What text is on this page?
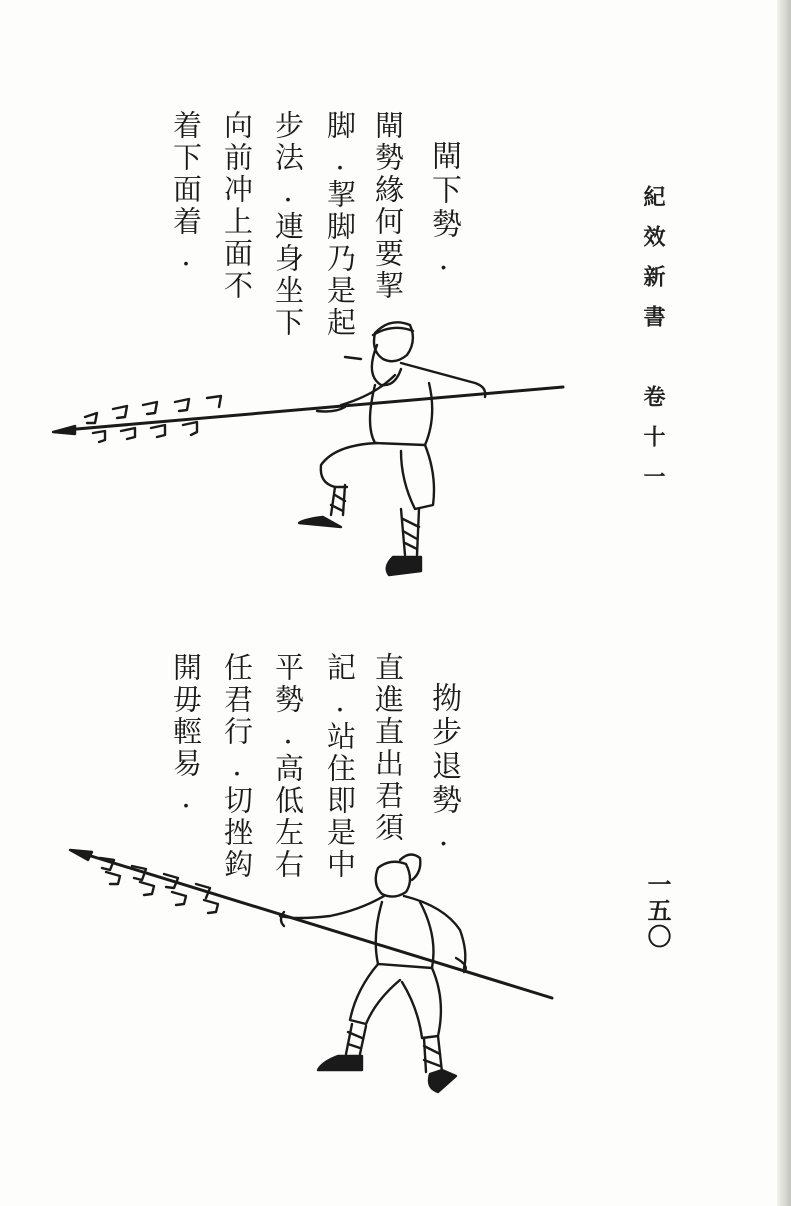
紀效新書　卷十一
一五〇
閘下勢.
閘勢緣何要挈
脚.挈脚乃是起
步法.連身坐下
向前冲上面不
着下面着.
拗步退勢.
直進直出君須
記.站住即是中
平勢.高低左右
任君行.切挫鈎
開毋輕易.
